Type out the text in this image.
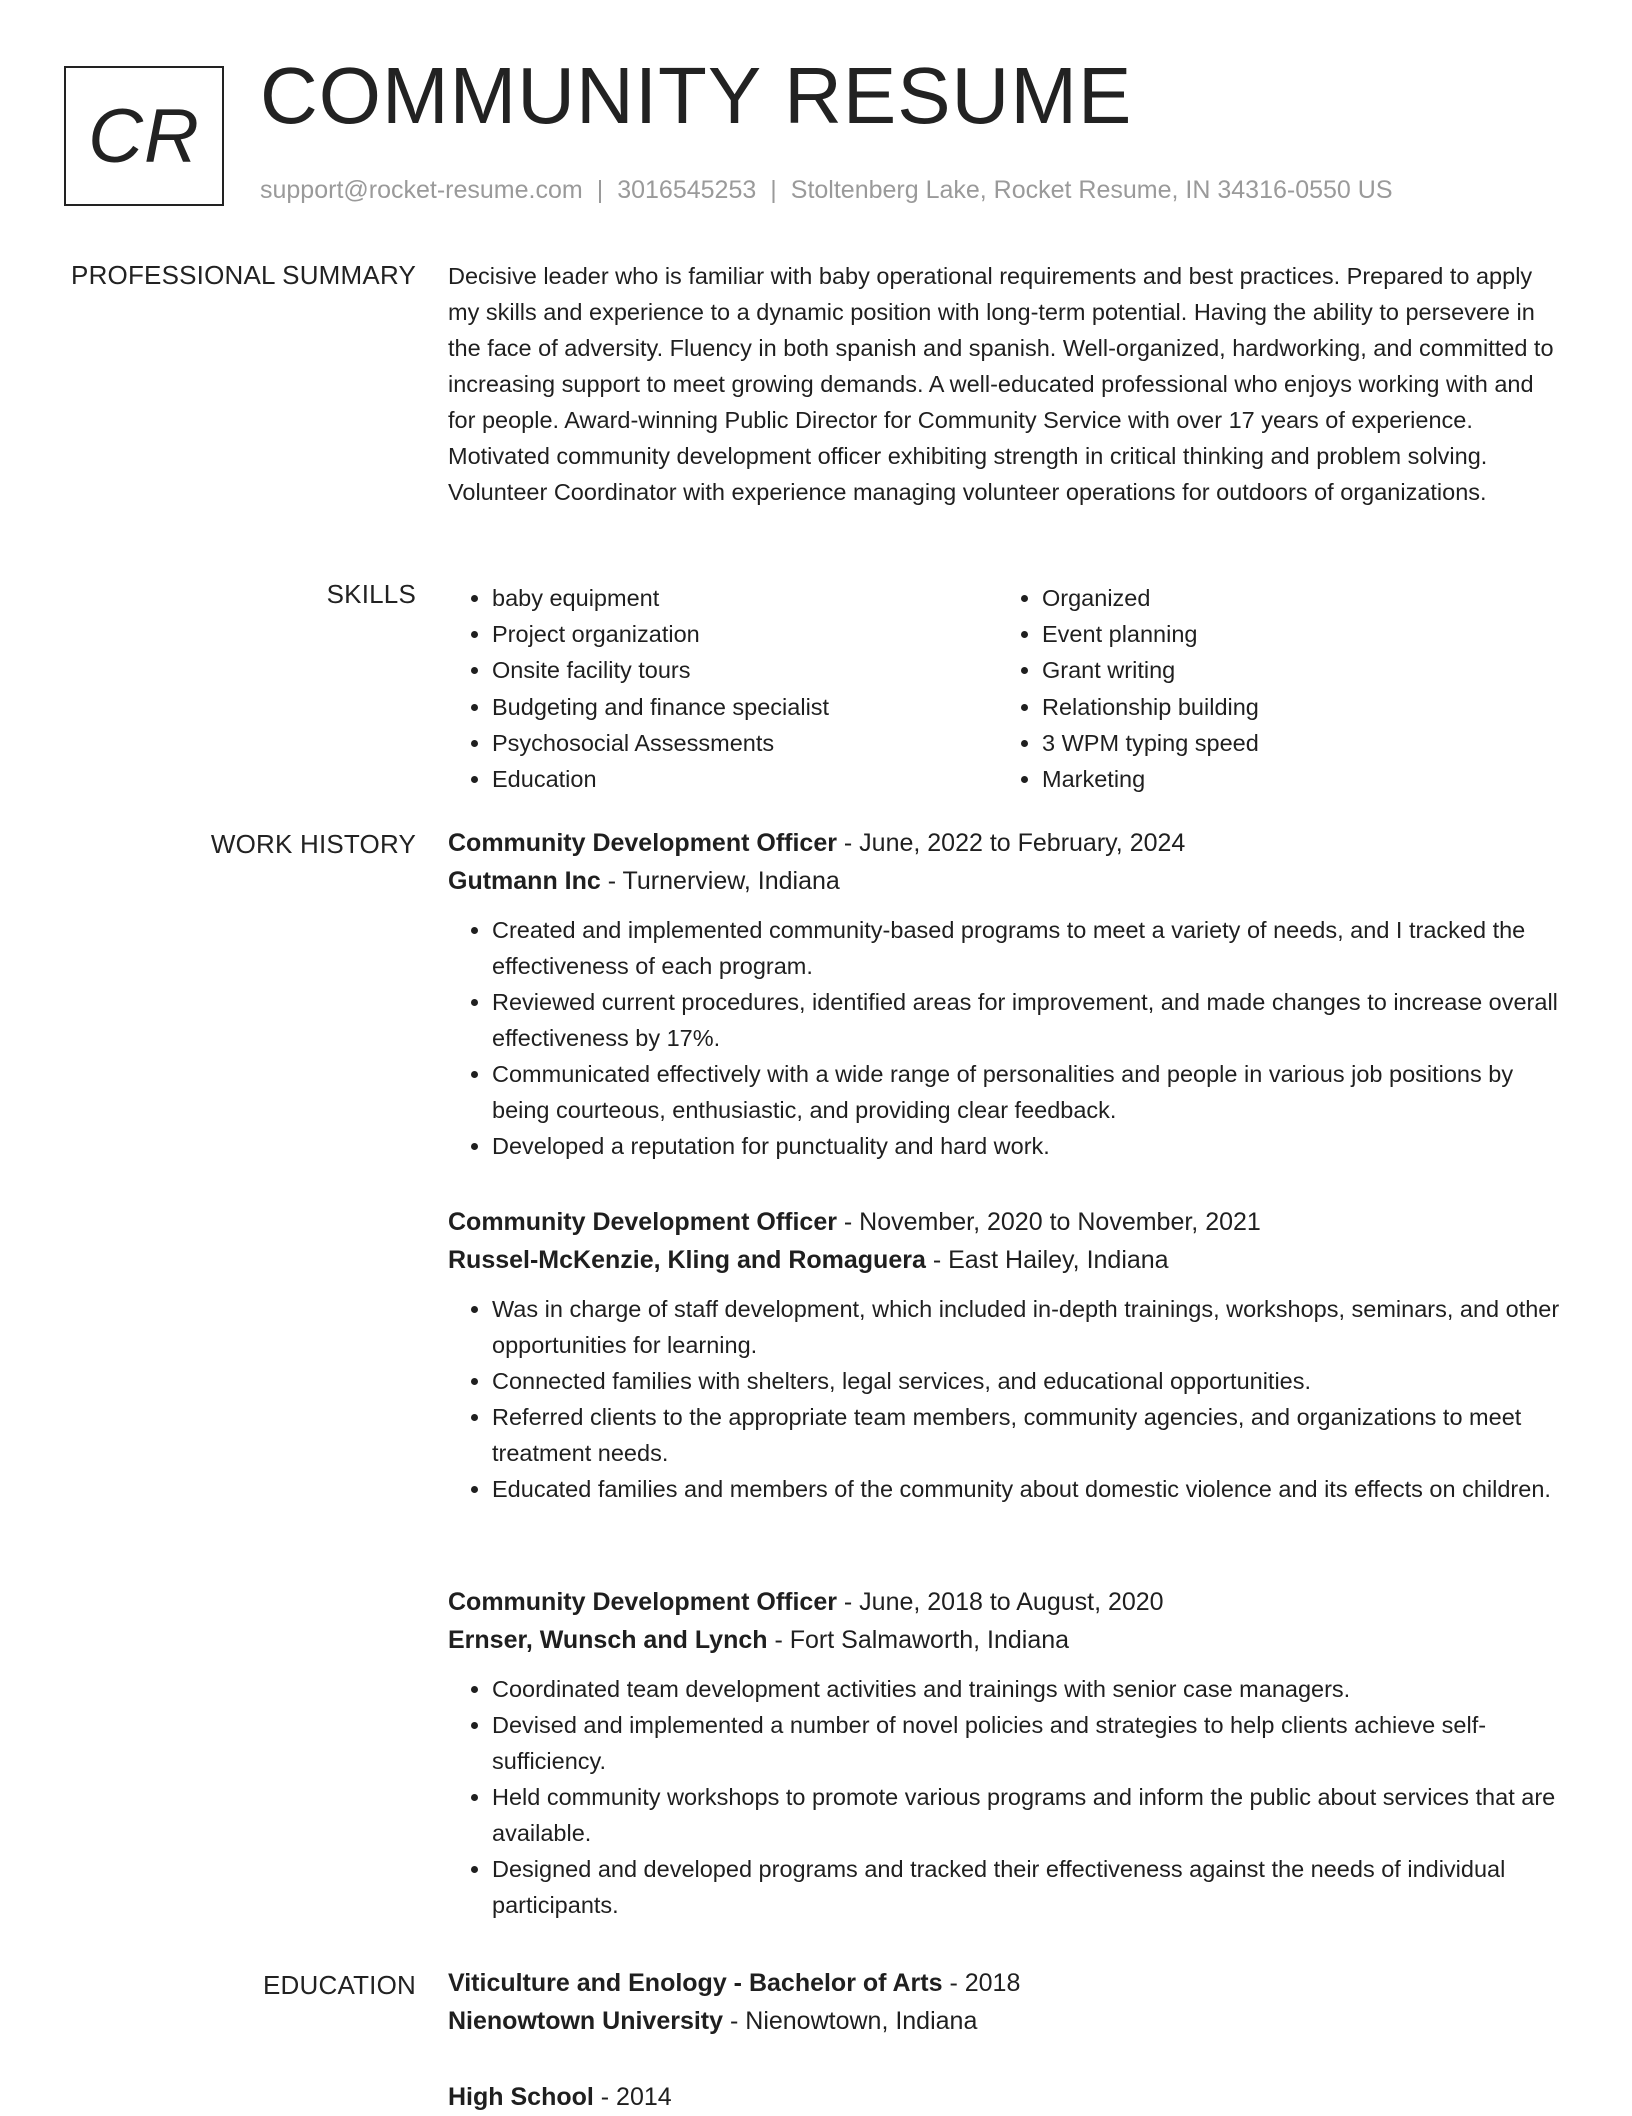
CR COMMUNITY RESUME
support@rocket-resume.com | 3016545253 | Stoltenberg Lake, Rocket Resume, IN 34316-0550 US
PROFESSIONAL SUMMARY Decisive leader who is familiar with baby operational requirements and best practices. Prepared to apply my skills and experience to a dynamic position with long-term potential. Having the ability to persevere in the face of adversity. Fluency in both spanish and spanish. Well-organized, hardworking, and committed to increasing support to meet growing demands. A well-educated professional who enjoys working with and for people. Award-winning Public Director for Community Service with over 17 years of experience. Motivated community development officer exhibiting strength in critical thinking and problem solving. Volunteer Coordinator with experience managing volunteer operations for outdoors of organizations.
SKILLS
•	baby equipment
• Project organization
• Onsite facility tours
• Budgeting and finance specialist
• Psychosocial Assessments
• Education
• Organized
• Event planning
• Grant writing
• Relationship building
• 3 WPM typing speed
• Marketing
WORK HISTORY Community Development Officer - June, 2022 to February, 2024
Gutmann Inc - Turnerview, Indiana
• Created and implemented community-based programs to meet a variety of needs, and I tracked the effectiveness of each program.
• Reviewed current procedures, identified areas for improvement, and made changes to increase overall effectiveness by 17%.
• Communicated effectively with a wide range of personalities and people in various job positions by being courteous, enthusiastic, and providing clear feedback.
• Developed a reputation for punctuality and hard work.
Community Development Officer - November, 2020 to November, 2021
Russel-McKenzie, Kling and Romaguera - East Hailey, Indiana
• Was in charge of staff development, which included in-depth trainings, workshops, seminars, and other opportunities for learning.
• Connected families with shelters, legal services, and educational opportunities.
• Referred clients to the appropriate team members, community agencies, and organizations to meet treatment needs.
• Educated families and members of the community about domestic violence and its effects on children.
Community Development Officer - June, 2018 to August, 2020
Ernser, Wunsch and Lynch - Fort Salmaworth, Indiana
• Coordinated team development activities and trainings with senior case managers.
• Devised and implemented a number of novel policies and strategies to help clients achieve self-sufficiency.
• Held community workshops to promote various programs and inform the public about services that are available.
• Designed and developed programs and tracked their effectiveness against the needs of individual participants.
EDUCATION Viticulture and Enology - Bachelor of Arts - 2018
Nienowtown University - Nienowtown, Indiana
High School - 2014
